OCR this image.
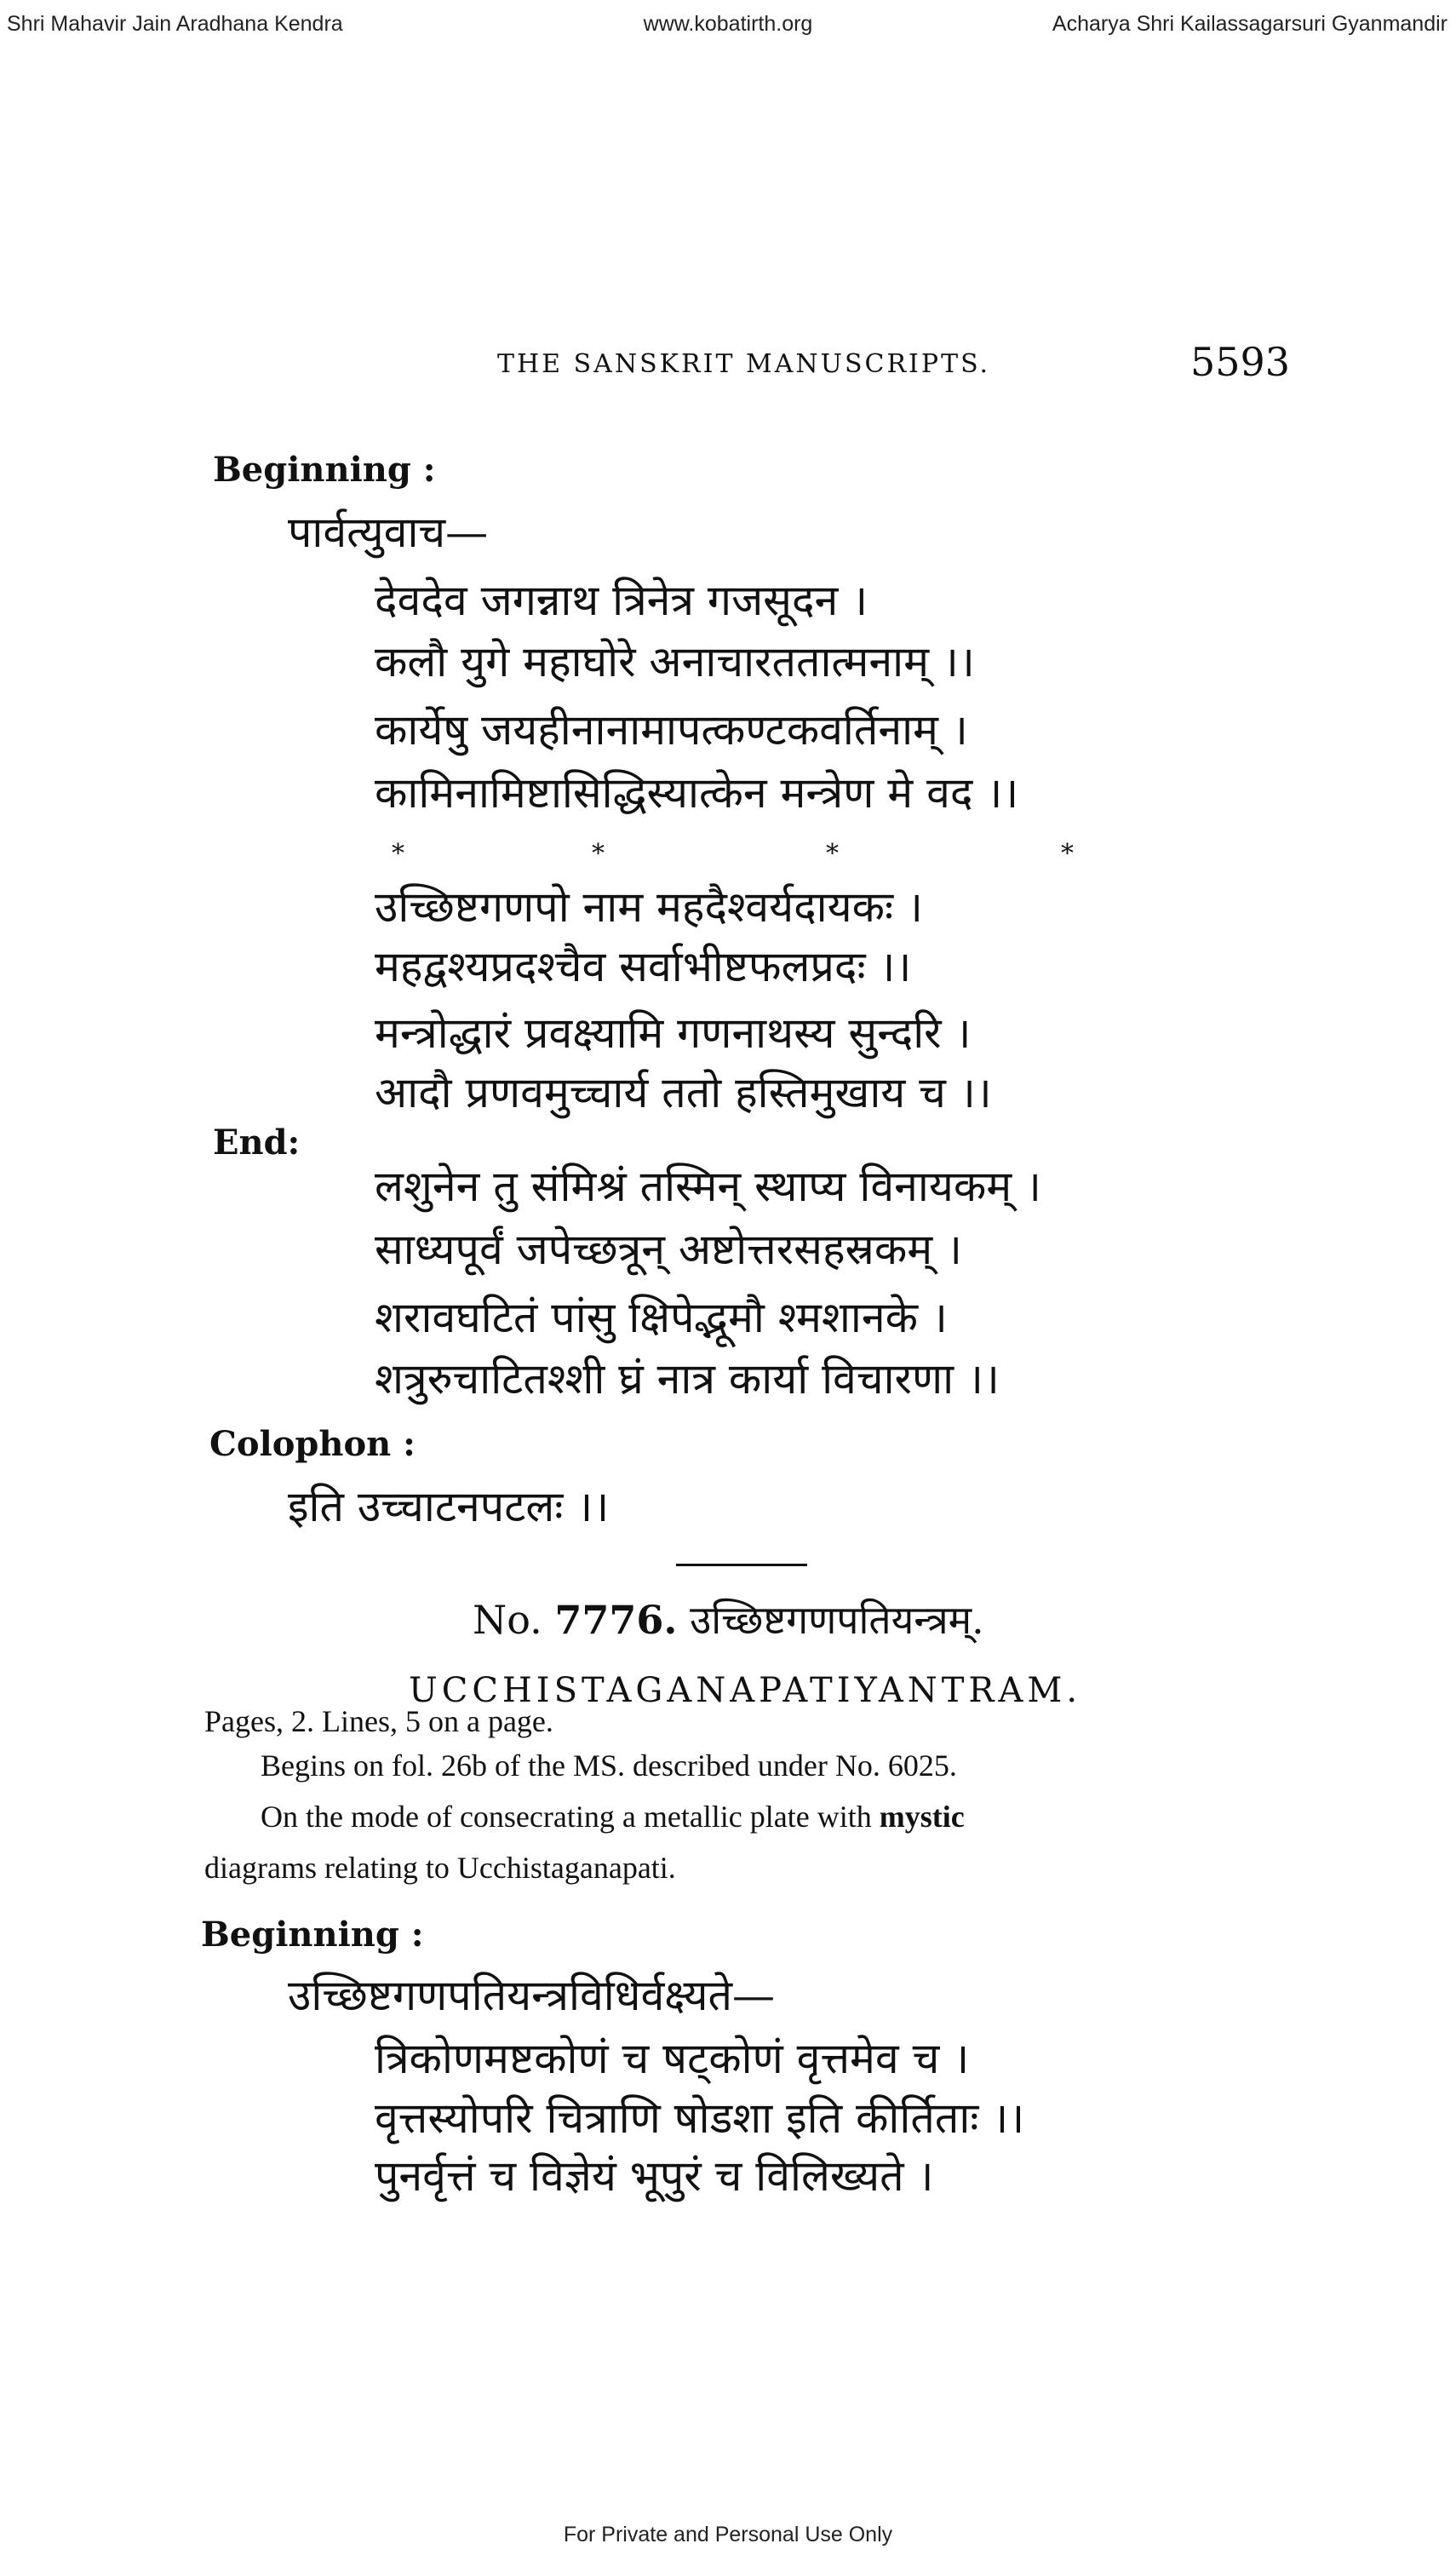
Shri Mahavir Jain Aradhana Kendra	www.kobatirth.org	Acharya Shri Kailassagarsuri Gyanmandir
THE SANSKRIT MANUSCRIPTS.	5593
Beginning :
पार्वत्युवाच—
देवदेव जगन्नाथ त्रिनेत्र गजसूदन ।
कलौ युगे महाघोरे अनाचारततात्मनाम् ।।
कार्येषु जयहीनानामापत्कण्टकवर्तिनाम् ।
कामिनामिष्टासिद्धिस्यात्केन मन्त्रेण मे वद ।।
*	*	*	*
उच्छिष्टगणपो नाम महदैश्वर्यदायकः ।
महद्वश्यप्रदश्चैव सर्वाभीष्टफलप्रदः ।।
मन्त्रोद्धारं प्रवक्ष्यामि गणनाथस्य सुन्दरि ।
आदौ प्रणवमुच्चार्य ततो हस्तिमुखाय च ।।
End:
लशुनेन तु संमिश्रं तस्मिन् स्थाप्य विनायकम् ।
साध्यपूर्वं जपेच्छत्रून् अष्टोत्तरसहस्रकम् ।
शरावघटितं पांसु क्षिपेद्भूमौ श्मशानके ।
शत्रुरुचाटितश्शी घ्रं नात्र कार्या विचारणा ।।
Colophon :
इति उच्चाटनपटलः ।।
No. 7776. उच्छिष्टगणपतियन्त्रम्.
UCCHISTAGANAPATIYANTRAM.
Pages, 2. Lines, 5 on a page.
Begins on fol. 26b of the MS. described under No. 6025.
On the mode of consecrating a metallic plate with mystic
diagrams relating to Ucchistaganapati.
Beginning :
उच्छिष्टगणपतियन्त्रविधिर्वक्ष्यते—
त्रिकोणमष्टकोणं च षट्कोणं वृत्तमेव च ।
वृत्तस्योपरि चित्राणि षोडशा इति कीर्तिताः ।।
पुनर्वृत्तं च विज्ञेयं भूपुरं च विलिख्यते ।
For Private and Personal Use Only
